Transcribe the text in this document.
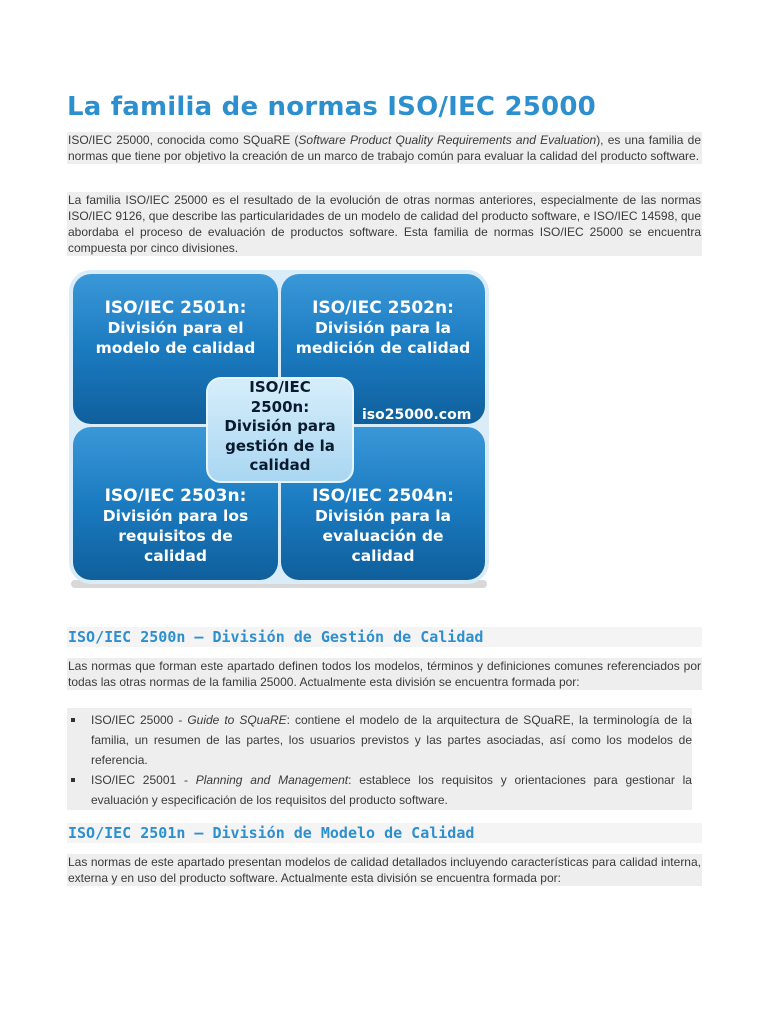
La familia de normas ISO/IEC 25000

ISO/IEC 25000, conocida como SQuaRE (Software Product Quality Requirements and Evaluation), es una familia de normas que tiene por objetivo la creación de un marco de trabajo común para evaluar la calidad del producto software.

La familia ISO/IEC 25000 es el resultado de la evolución de otras normas anteriores, especialmente de las normas ISO/IEC 9126, que describe las particularidades de un modelo de calidad del producto software, e ISO/IEC 14598, que abordaba el proceso de evaluación de productos software. Esta familia de normas ISO/IEC 25000 se encuentra compuesta por cinco divisiones.

ISO/IEC 2501n:
División para el
modelo de calidad
ISO/IEC 2502n:
División para la
medición de calidad
ISO/IEC 2503n:
División para los
requisitos de
calidad
ISO/IEC 2504n:
División para la
evaluación de
calidad
ISO/IEC
2500n:
División para
gestión de la
calidad
iso25000.com
ISO/IEC 2500n – División de Gestión de Calidad

Las normas que forman este apartado definen todos los modelos, términos y definiciones comunes referenciados por todas las otras normas de la familia 25000. Actualmente esta división se encuentra formada por:

ISO/IEC 25000 - Guide to SQuaRE: contiene el modelo de la arquitectura de SQuaRE, la terminología de la familia, un resumen de las partes, los usuarios previstos y las partes asociadas, así como los modelos de referencia.
ISO/IEC 25001 - Planning and Management: establece los requisitos y orientaciones para gestionar la evaluación y especificación de los requisitos del producto software.
ISO/IEC 2501n – División de Modelo de Calidad

Las normas de este apartado presentan modelos de calidad detallados incluyendo características para calidad interna, externa y en uso del producto software. Actualmente esta división se encuentra formada por:
